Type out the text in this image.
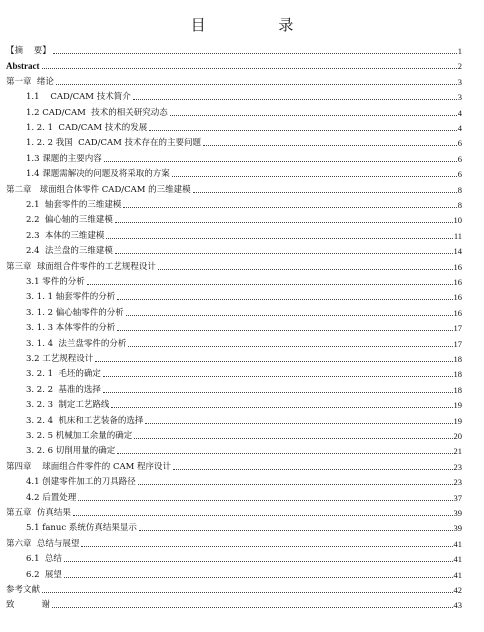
目 录
【摘    要】	1
Abstract	2
第一章  绪论	3
1.1    CAD/CAM 技术简介	3
1.2 CAD/CAM  技术的相关研究动态	4
1. 2. 1  CAD/CAM 技术的发展	4
1. 2. 2 我国  CAD/CAM 技术存在的主要问题	6
1.3 课题的主要内容	6
1.4 课题需解决的问题及将采取的方案	6
第二章   球面组合体零件 CAD/CAM 的三维建模	8
2.1  轴套零件的三维建模	8
2.2  偏心轴的三维建模	10
2.3  本体的三维建模	11
2.4  法兰盘的三维建模	14
第三章  球面组合件零件的工艺规程设计	16
3.1 零件的分析	16
3. 1. 1 轴套零件的分析	16
3. 1. 2 偏心轴零件的分析	16
3. 1. 3 本体零件的分析	17
3. 1. 4  法兰盘零件的分析	17
3.2 工艺规程设计	18
3. 2. 1  毛坯的确定	18
3. 2. 2  基准的选择	18
3. 2. 3  制定工艺路线	19
3. 2. 4  机床和工艺装备的选择	19
3. 2. 5 机械加工余量的确定	20
3. 2. 6 切削用量的确定	21
第四章    球面组合件零件的 CAM 程序设计	23
4.1 创建零件加工的刀具路径	23
4.2 后置处理	37
第五章  仿真结果	39
5.1 fanuc 系统仿真结果显示	39
第六章  总结与展望	41
6.1  总结	41
6.2  展望	41
参考文献	42
致          谢	43
